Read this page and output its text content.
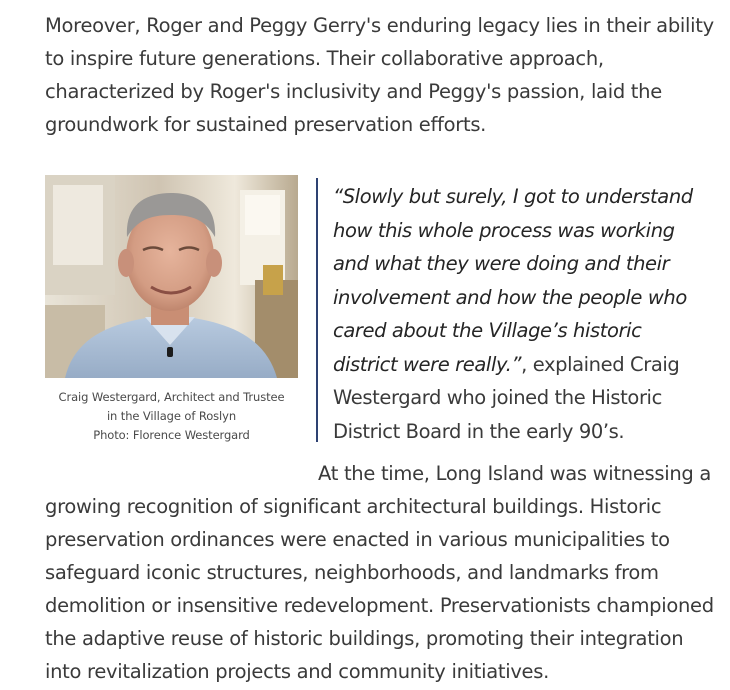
Moreover, Roger and Peggy Gerry's enduring legacy lies in their ability to inspire future generations. Their collaborative approach, characterized by Roger's inclusivity and Peggy's passion, laid the groundwork for sustained preservation efforts.

Craig Westergard, Architect and Trustee
in the Village of Roslyn
Photo: Florence Westergard

“Slowly but surely, I got to understand how this whole process was working and what they were doing and their involvement and how the people who cared about the Village’s historic district were really.”, explained Craig Westergard who joined the Historic District Board in the early 90’s.

At the time, Long Island was witnessing a growing recognition of significant architectural buildings. Historic preservation ordinances were enacted in various municipalities to safeguard iconic structures, neighborhoods, and landmarks from demolition or insensitive redevelopment. Preservationists championed the adaptive reuse of historic buildings, promoting their integration into revitalization projects and community initiatives.
